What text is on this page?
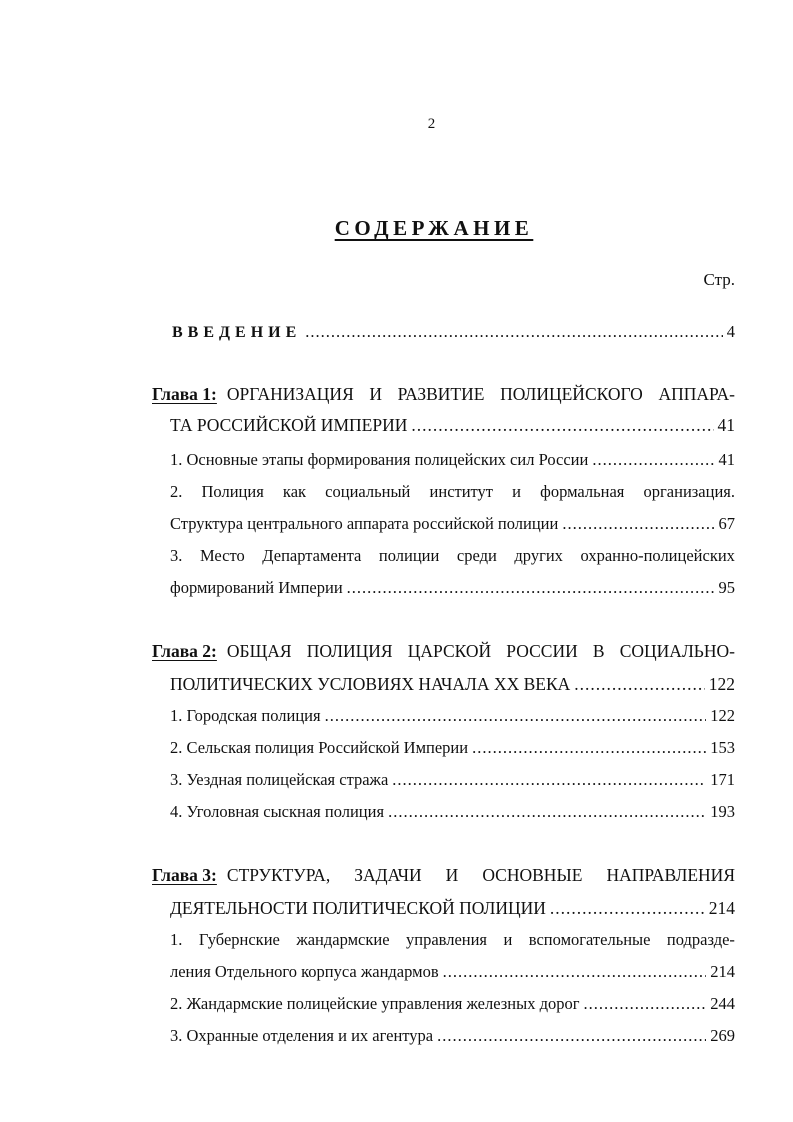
2
СОДЕРЖАНИЕ
Стр.
ВВЕДЕНИЕ .....	4
Глава 1: ОРГАНИЗАЦИЯ И РАЗВИТИЕ ПОЛИЦЕЙСКОГО АППАРА-
ТА РОССИЙСКОЙ ИМПЕРИИ .....	41
1. Основные этапы формирования полицейских сил России .....	41
2. Полиция как социальный институт и формальная организация.
Структура центрального аппарата российской полиции .....	67
3. Место Департамента полиции среди других охранно-полицейских
формирований Империи .....	95
Глава 2: ОБЩАЯ ПОЛИЦИЯ ЦАРСКОЙ РОССИИ В СОЦИАЛЬНО-
ПОЛИТИЧЕСКИХ УСЛОВИЯХ НАЧАЛА XX ВЕКА .....	122
1. Городская полиция .....	122
2. Сельская полиция Российской Империи .....	153
3. Уездная полицейская стража .....	171
4. Уголовная сыскная полиция .....	193
Глава 3: СТРУКТУРА, ЗАДАЧИ И ОСНОВНЫЕ НАПРАВЛЕНИЯ
ДЕЯТЕЛЬНОСТИ ПОЛИТИЧЕСКОЙ ПОЛИЦИИ .....	214
1. Губернские жандармские управления и вспомогательные подразде-
ления Отдельного корпуса жандармов .....	214
2. Жандармские полицейские управления железных дорог .....	244
3. Охранные отделения и их агентура .....	269
